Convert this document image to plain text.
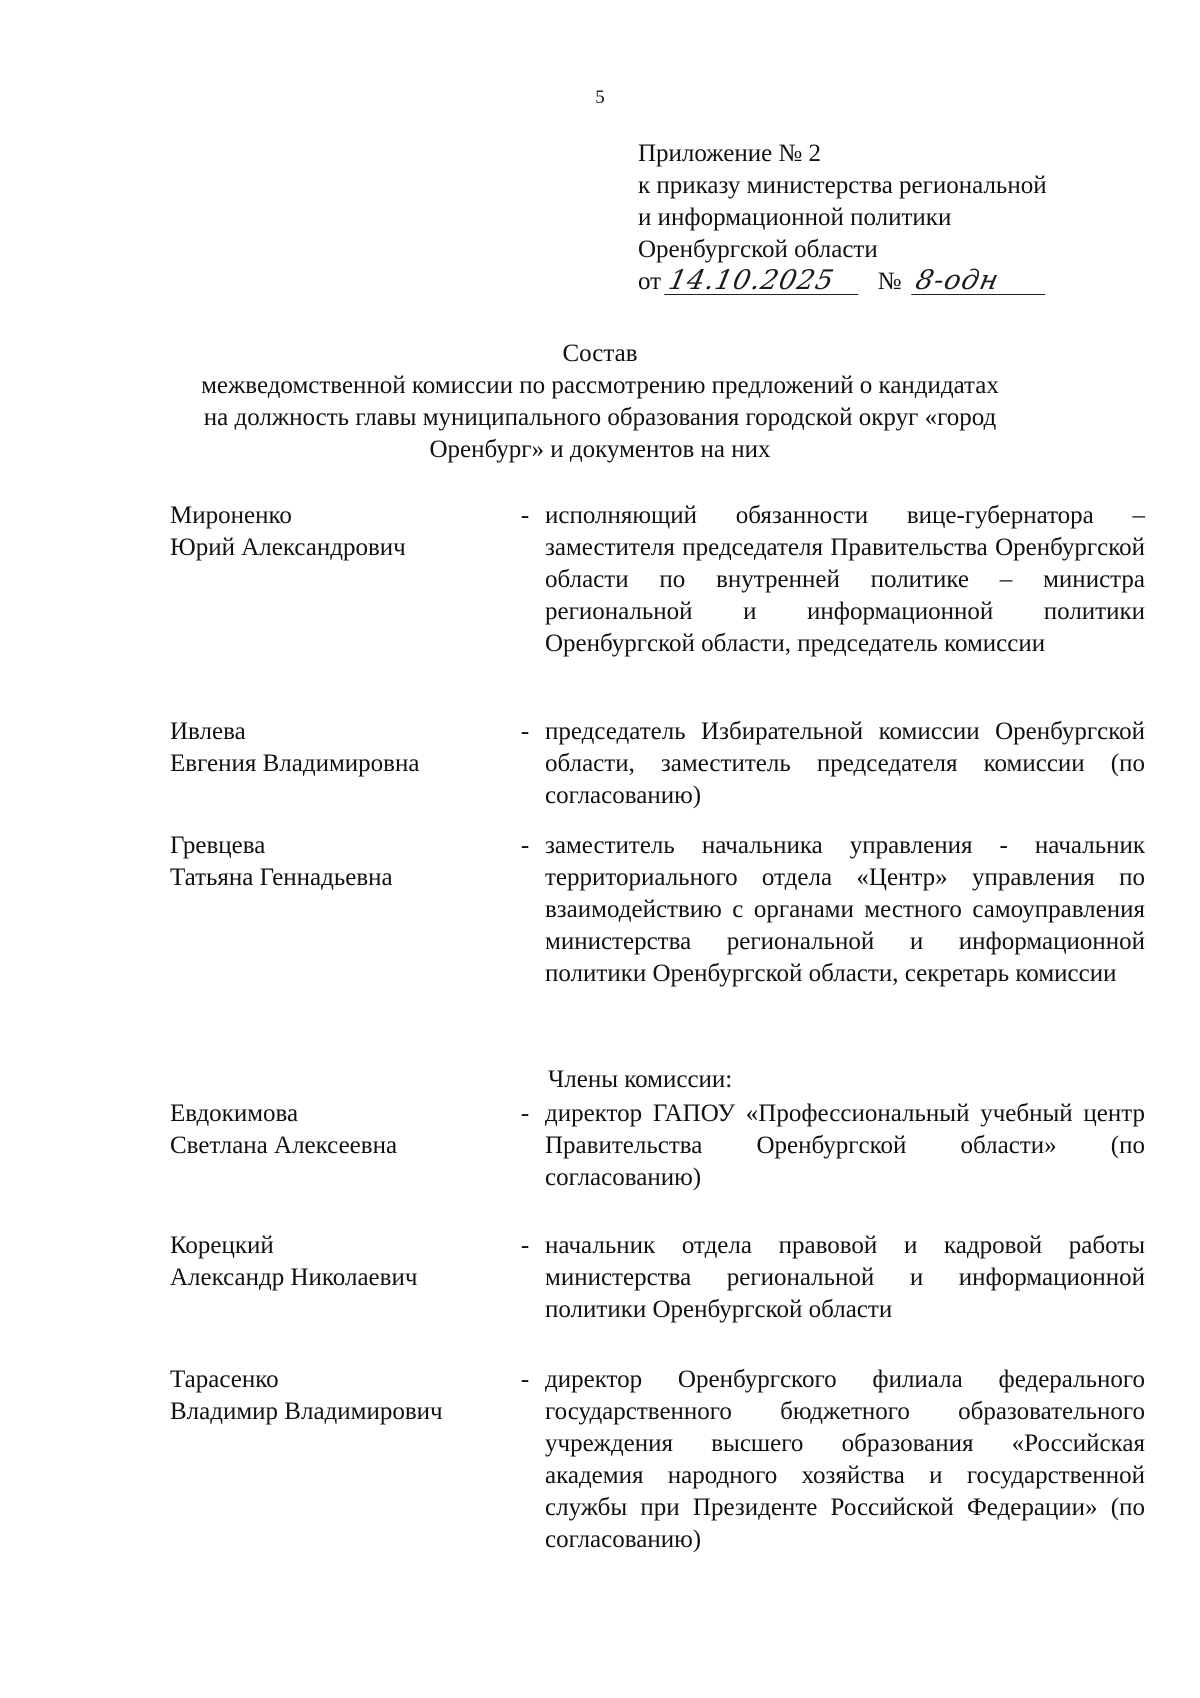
5
Приложение № 2
к приказу министерства региональной
и информационной политики
Оренбургской области
от 14.10.2025 № 8-одн
Состав
межведомственной комиссии по рассмотрению предложений о кандидатах
на должность главы муниципального образования городской округ «город
Оренбург» и документов на них
Мироненко
Юрий Александрович
- исполняющий обязанности вице-губернатора – заместителя председателя Правительства Оренбургской области по внутренней политике – министра региональной и информационной политики Оренбургской области, председатель комиссии
Ивлева
Евгения Владимировна
- председатель Избирательной комиссии Оренбургской области, заместитель председателя комиссии (по согласованию)
Гревцева
Татьяна Геннадьевна
- заместитель начальника управления - начальник территориального отдела «Центр» управления по взаимодействию с органами местного самоуправления министерства региональной и информационной политики Оренбургской области, секретарь комиссии
Члены комиссии:
Евдокимова
Светлана Алексеевна
- директор ГАПОУ «Профессиональный учебный центр Правительства Оренбургской области» (по согласованию)
Корецкий
Александр Николаевич
- начальник отдела правовой и кадровой работы министерства региональной и информационной политики Оренбургской области
Тарасенко
Владимир Владимирович
- директор Оренбургского филиала федерального государственного бюджетного образовательного учреждения высшего образования «Российская академия народного хозяйства и государственной службы при Президенте Российской Федерации» (по согласованию)
